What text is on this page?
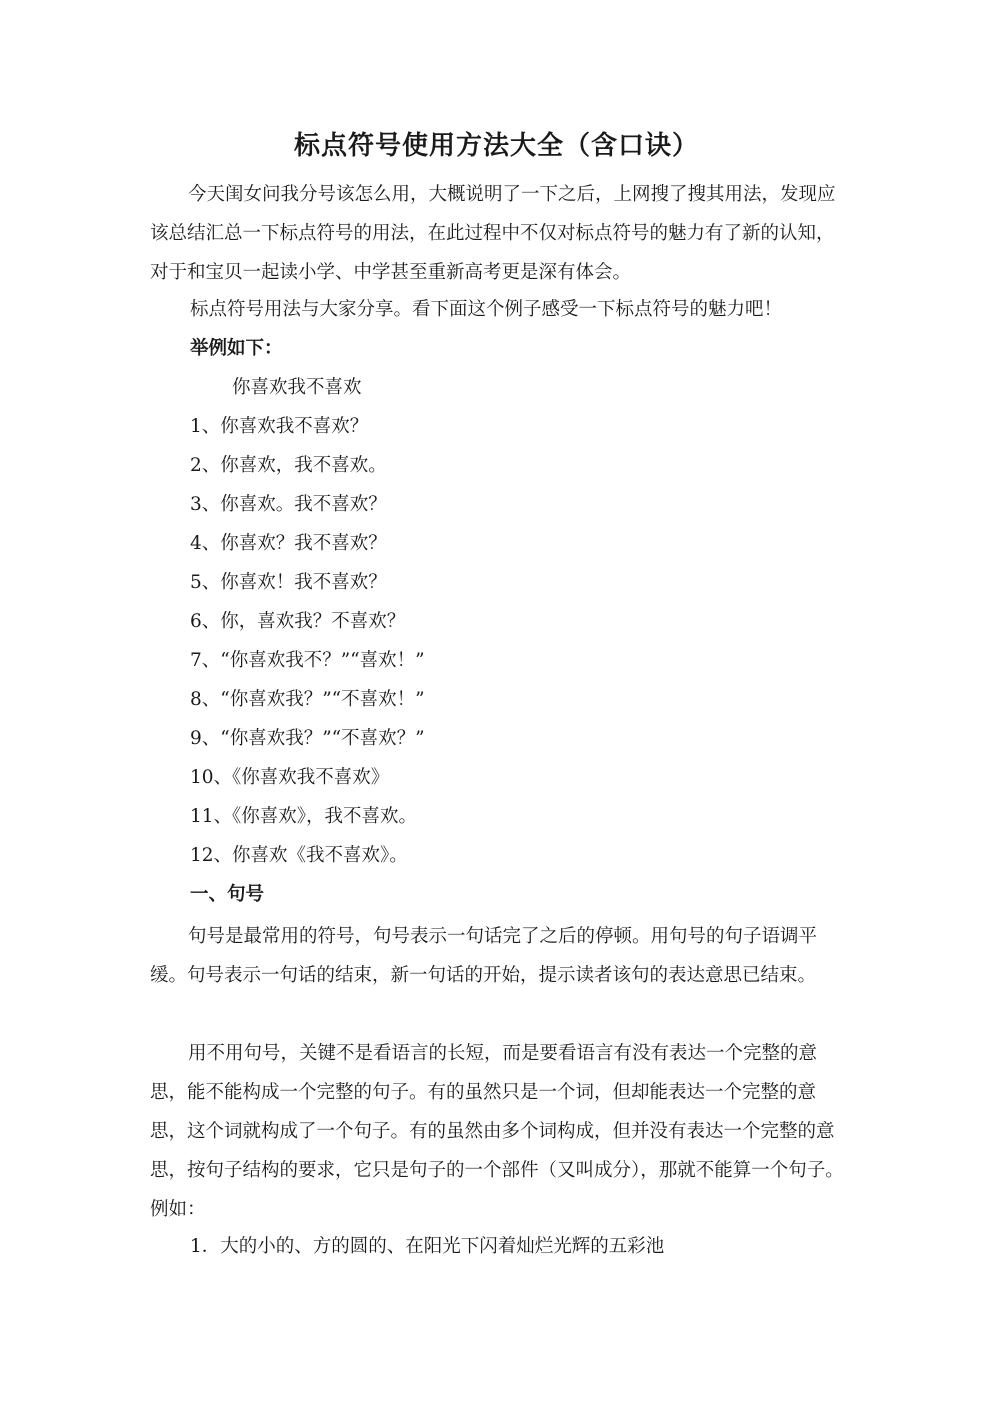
标点符号使用方法大全（含口诀）

今天闺女问我分号该怎么用，大概说明了一下之后，上网搜了搜其用法，发现应该总结汇总一下标点符号的用法，在此过程中不仅对标点符号的魅力有了新的认知，对于和宝贝一起读小学、中学甚至重新高考更是深有体会。

标点符号用法与大家分享。看下面这个例子感受一下标点符号的魅力吧！

举例如下：

你喜欢我不喜欢

1、你喜欢我不喜欢？

2、你喜欢，我不喜欢。

3、你喜欢。我不喜欢？

4、你喜欢？我不喜欢？

5、你喜欢！我不喜欢？

6、你，喜欢我？不喜欢？

7、“你喜欢我不？”“喜欢！”

8、“你喜欢我？”“不喜欢！”

9、“你喜欢我？”“不喜欢？”

10、《你喜欢我不喜欢》

11、《你喜欢》，我不喜欢。

12、你喜欢《我不喜欢》。

一、句号

句号是最常用的符号，句号表示一句话完了之后的停顿。用句号的句子语调平缓。句号表示一句话的结束，新一句话的开始，提示读者该句的表达意思已结束。

用不用句号，关键不是看语言的长短，而是要看语言有没有表达一个完整的意思，能不能构成一个完整的句子。有的虽然只是一个词，但却能表达一个完整的意思，这个词就构成了一个句子。有的虽然由多个词构成，但并没有表达一个完整的意思，按句子结构的要求，它只是句子的一个部件（又叫成分），那就不能算一个句子。例如：

1．大的小的、方的圆的、在阳光下闪着灿烂光辉的五彩池
